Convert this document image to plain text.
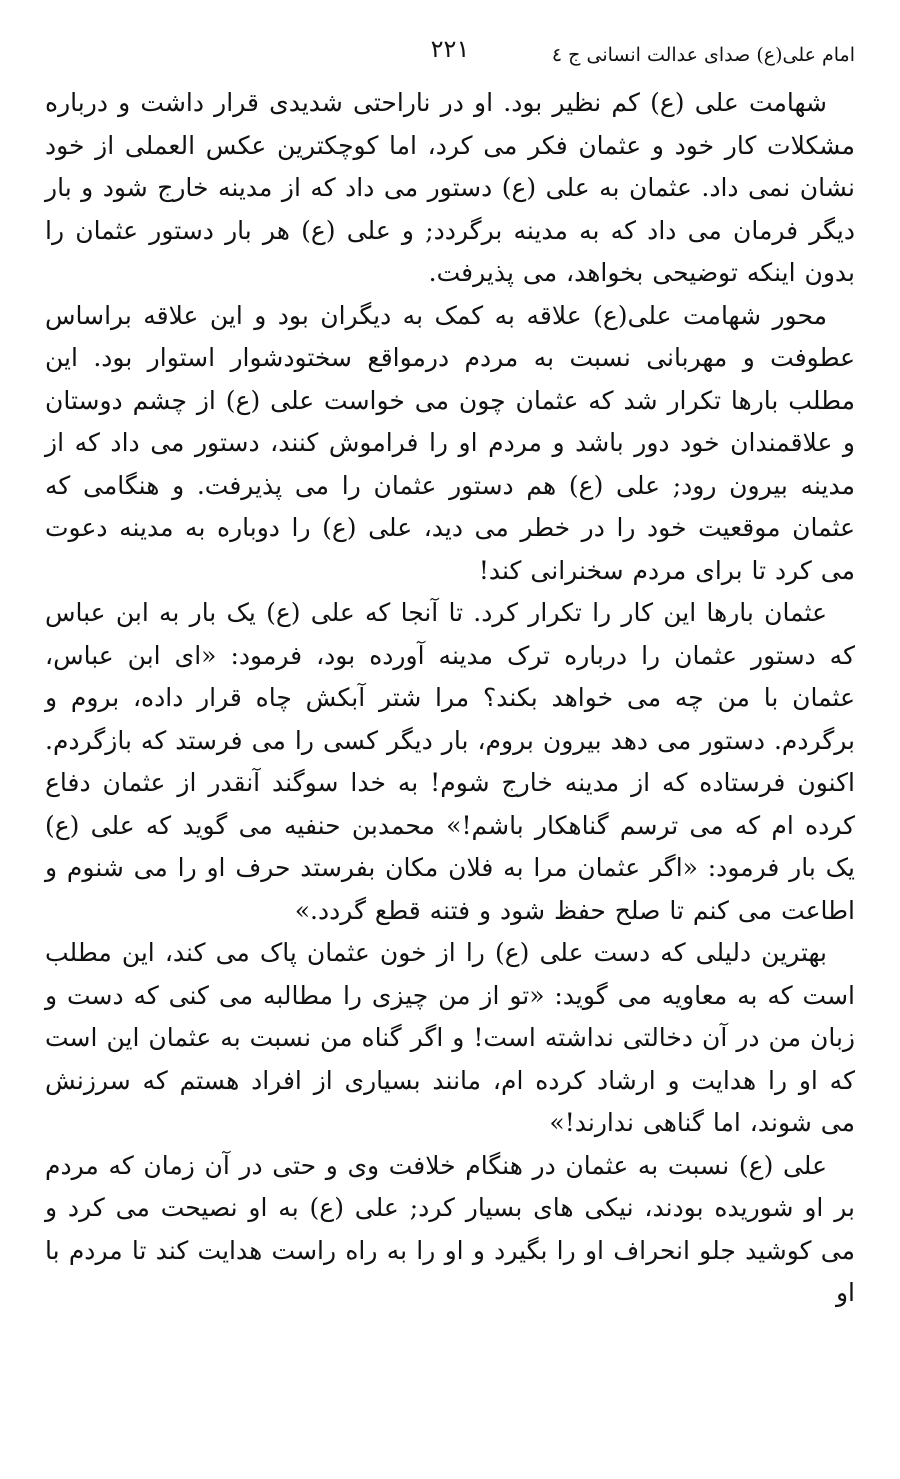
امام علی(ع) صدای عدالت انسانی ج ٤
٢٢١

شهامت علی (ع) کم نظیر بود. او در ناراحتی شدیدی قرار داشت و درباره مشکلات کار خود و عثمان فکر می کرد، اما کوچکترین عکس العملی از خود نشان نمی داد. عثمان به علی (ع) دستور می داد که از مدینه خارج شود و بار دیگر فرمان می داد که به مدینه برگردد; و علی (ع) هر بار دستور عثمان را بدون اینکه توضیحی بخواهد، می پذیرفت.

محور شهامت علی(ع) علاقه به کمک به دیگران بود و این علاقه براساس عطوفت و مهربانی نسبت به مردم درمواقع سختودشوار استوار بود. این مطلب بارها تکرار شد که عثمان چون می خواست علی (ع) از چشم دوستان و علاقمندان خود دور باشد و مردم او را فراموش کنند، دستور می داد که از مدینه بیرون رود; علی (ع) هم دستور عثمان را می پذیرفت. و هنگامی که عثمان موقعیت خود را در خطر می دید، علی (ع) را دوباره به مدینه دعوت می کرد تا برای مردم سخنرانی کند!

عثمان بارها این کار را تکرار کرد. تا آنجا که علی (ع) یک بار به ابن عباس که دستور عثمان را درباره ترک مدینه آورده بود، فرمود: «ای ابن عباس، عثمان با من چه می خواهد بکند؟ مرا شتر آبکش چاه قرار داده، بروم و برگردم. دستور می دهد بیرون بروم، بار دیگر کسی را می فرستد که بازگردم. اکنون فرستاده که از مدینه خارج شوم! به خدا سوگند آنقدر از عثمان دفاع کرده ام که می ترسم گناهکار باشم!» محمدبن حنفیه می گوید که علی (ع) یک بار فرمود: «اگر عثمان مرا به فلان مکان بفرستد حرف او را می شنوم و اطاعت می کنم تا صلح حفظ شود و فتنه قطع گردد.»

بهترین دلیلی که دست علی (ع) را از خون عثمان پاک می کند، این مطلب است که به معاویه می گوید: «تو از من چیزی را مطالبه می کنی که دست و زبان من در آن دخالتی نداشته است! و اگر گناه من نسبت به عثمان این است که او را هدایت و ارشاد کرده ام، مانند بسیاری از افراد هستم که سرزنش می شوند، اما گناهی ندارند!»

علی (ع) نسبت به عثمان در هنگام خلافت وی و حتی در آن زمان که مردم بر او شوریده بودند، نیکی های بسیار کرد; علی (ع) به او نصیحت می کرد و می کوشید جلو انحراف او را بگیرد و او را به راه راست هدایت کند تا مردم با او
